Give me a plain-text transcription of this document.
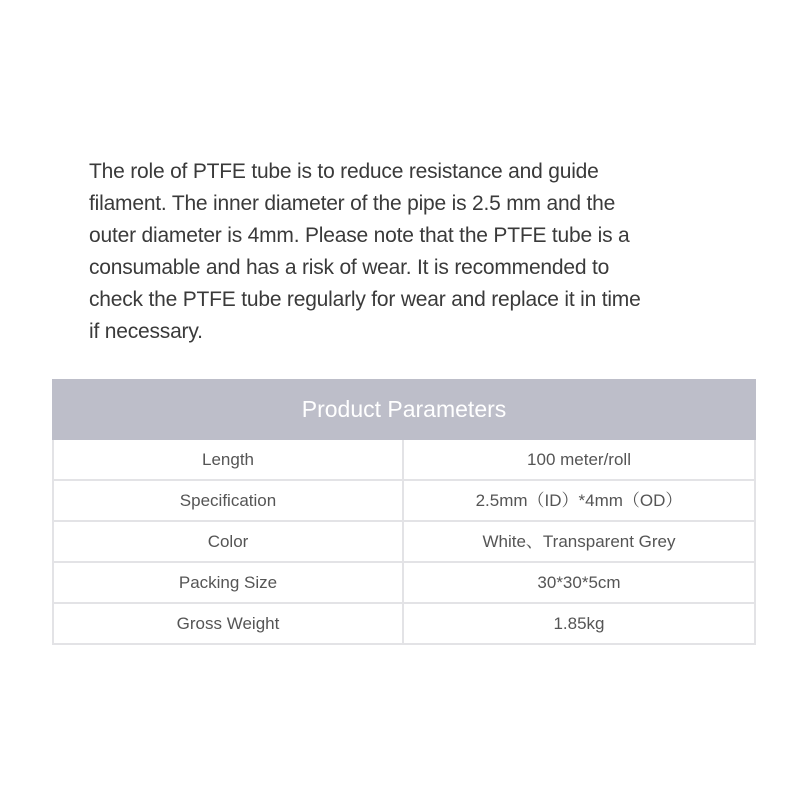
The role of PTFE tube is to reduce resistance and guide
filament. The inner diameter of the pipe is 2.5 mm and the
outer diameter is 4mm. Please note that the PTFE tube is a
consumable and has a risk of wear. It is recommended to
check the PTFE tube regularly for wear and replace it in time
if necessary.

Product Parameters
Length	100 meter/roll
Specification	2.5mm（ID）*4mm（OD）
Color	White、Transparent Grey
Packing Size	30*30*5cm
Gross Weight	1.85kg
